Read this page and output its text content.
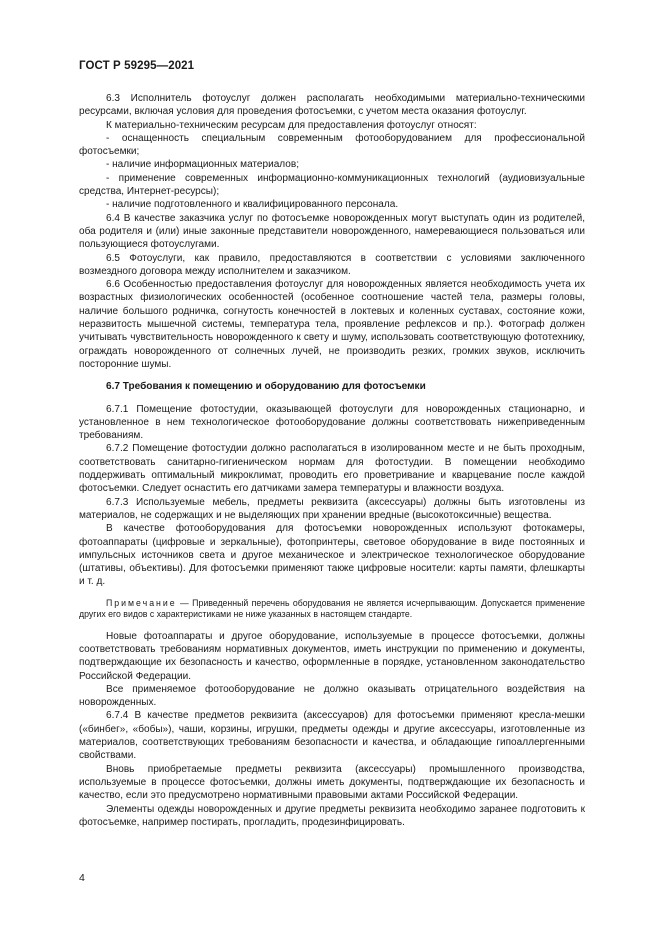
ГОСТ Р 59295—2021

6.3 Исполнитель фотоуслуг должен располагать необходимыми материально-техническими ресурсами, включая условия для проведения фотосъемки, с учетом места оказания фотоуслуг.

К материально-техническим ресурсам для предоставления фотоуслуг относят:

- оснащенность специальным современным фотооборудованием для профессиональной фотосъемки;

- наличие информационных материалов;

- применение современных информационно-коммуникационных технологий (аудиовизуальные средства, Интернет-ресурсы);

- наличие подготовленного и квалифицированного персонала.

6.4 В качестве заказчика услуг по фотосъемке новорожденных могут выступать один из родителей, оба родителя и (или) иные законные представители новорожденного, намеревающиеся пользоваться или пользующиеся фотоуслугами.

6.5 Фотоуслуги, как правило, предоставляются в соответствии с условиями заключенного возмездного договора между исполнителем и заказчиком.

6.6 Особенностью предоставления фотоуслуг для новорожденных является необходимость учета их возрастных физиологических особенностей (особенное соотношение частей тела, размеры головы, наличие большого родничка, согнутость конечностей в локтевых и коленных суставах, состояние кожи, неразвитость мышечной системы, температура тела, проявление рефлексов и пр.). Фотограф должен учитывать чувствительность новорожденного к свету и шуму, использовать соответствующую фототехнику, ограждать новорожденного от солнечных лучей, не производить резких, громких звуков, исключить посторонние шумы.

6.7 Требования к помещению и оборудованию для фотосъемки

6.7.1 Помещение фотостудии, оказывающей фотоуслуги для новорожденных стационарно, и установленное в нем технологическое фотооборудование должны соответствовать нижеприведенным требованиям.

6.7.2 Помещение фотостудии должно располагаться в изолированном месте и не быть проходным, соответствовать санитарно-гигиеническом нормам для фотостудии. В помещении необходимо поддерживать оптимальный микроклимат, проводить его проветривание и кварцевание после каждой фотосъемки. Следует оснастить его датчиками замера температуры и влажности воздуха.

6.7.3 Используемые мебель, предметы реквизита (аксессуары) должны быть изготовлены из материалов, не содержащих и не выделяющих при хранении вредные (высокотоксичные) вещества.

В качестве фотооборудования для фотосъемки новорожденных используют фотокамеры, фотоаппараты (цифровые и зеркальные), фотопринтеры, световое оборудование в виде постоянных и импульсных источников света и другое механическое и электрическое технологическое оборудование (штативы, объективы). Для фотосъемки применяют также цифровые носители: карты памяти, флешкарты и т. д.

Примечание — Приведенный перечень оборудования не является исчерпывающим. Допускается применение других его видов с характеристиками не ниже указанных в настоящем стандарте.

Новые фотоаппараты и другое оборудование, используемые в процессе фотосъемки, должны соответствовать требованиям нормативных документов, иметь инструкции по применению и документы, подтверждающие их безопасность и качество, оформленные в порядке, установленном законодательство Российской Федерации.

Все применяемое фотооборудование не должно оказывать отрицательного воздействия на новорожденных.

6.7.4 В качестве предметов реквизита (аксессуаров) для фотосъемки применяют кресла-мешки («бинбег», «бобы»), чаши, корзины, игрушки, предметы одежды и другие аксессуары, изготовленные из материалов, соответствующих требованиям безопасности и качества, и обладающие гипоаллергенными свойствами.

Вновь приобретаемые предметы реквизита (аксессуары) промышленного производства, используемые в процессе фотосъемки, должны иметь документы, подтверждающие их безопасность и качество, если это предусмотрено нормативными правовыми актами Российской Федерации.

Элементы одежды новорожденных и другие предметы реквизита необходимо заранее подготовить к фотосъемке, например постирать, прогладить, продезинфицировать.

4
